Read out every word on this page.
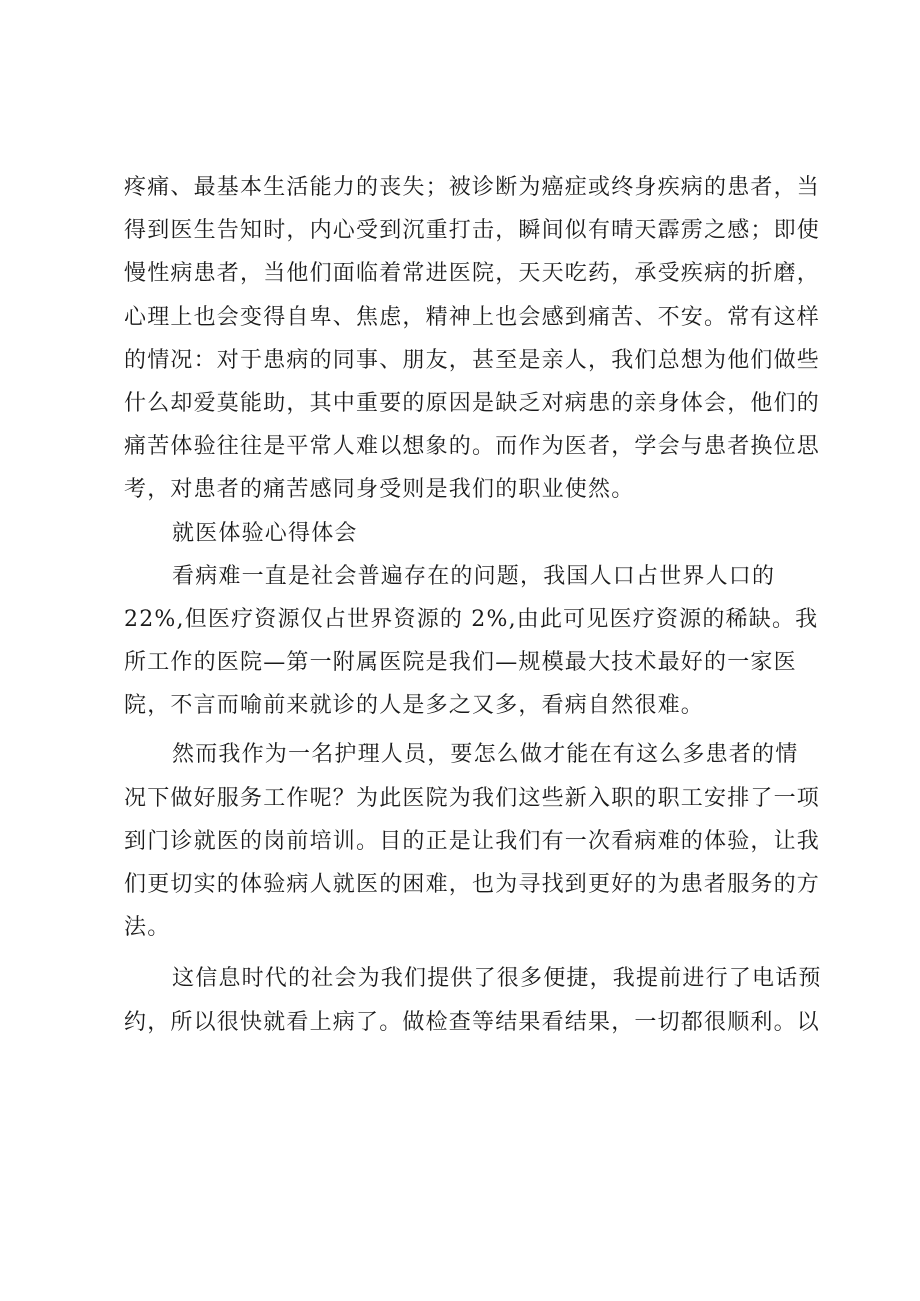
疼痛、最基本生活能力的丧失；被诊断为癌症或终身疾病的患者，当
得到医生告知时，内心受到沉重打击，瞬间似有晴天霹雳之感；即使
慢性病患者，当他们面临着常进医院，天天吃药，承受疾病的折磨，
心理上也会变得自卑、焦虑，精神上也会感到痛苦、不安。常有这样
的情况：对于患病的同事、朋友，甚至是亲人，我们总想为他们做些
什么却爱莫能助，其中重要的原因是缺乏对病患的亲身体会，他们的
痛苦体验往往是平常人难以想象的。而作为医者，学会与患者换位思
考，对患者的痛苦感同身受则是我们的职业使然。
就医体验心得体会
看病难一直是社会普遍存在的问题，我国人口占世界人口的
22%,但医疗资源仅占世界资源的 2%,由此可见医疗资源的稀缺。我
所工作的医院—第一附属医院是我们—规模最大技术最好的一家医
院，不言而喻前来就诊的人是多之又多，看病自然很难。
然而我作为一名护理人员，要怎么做才能在有这么多患者的情
况下做好服务工作呢？为此医院为我们这些新入职的职工安排了一项
到门诊就医的岗前培训。目的正是让我们有一次看病难的体验，让我
们更切实的体验病人就医的困难，也为寻找到更好的为患者服务的方
法。
这信息时代的社会为我们提供了很多便捷，我提前进行了电话预
约，所以很快就看上病了。做检查等结果看结果，一切都很顺利。以
